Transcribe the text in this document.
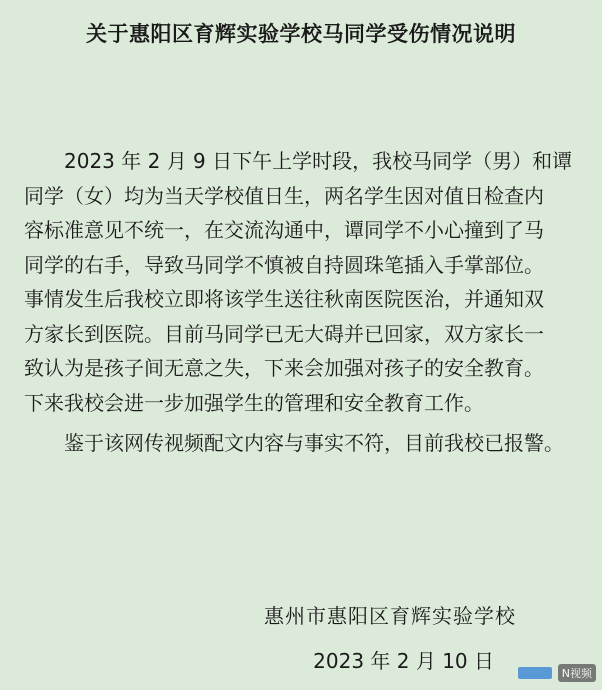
关于惠阳区育辉实验学校马同学受伤情况说明
2023 年 2 月 9 日下午上学时段，我校马同学（男）和谭
同学（女）均为当天学校值日生，两名学生因对值日检查内
容标准意见不统一，在交流沟通中，谭同学不小心撞到了马
同学的右手，导致马同学不慎被自持圆珠笔插入手掌部位。
事情发生后我校立即将该学生送往秋南医院医治，并通知双
方家长到医院。目前马同学已无大碍并已回家，双方家长一
致认为是孩子间无意之失，下来会加强对孩子的安全教育。
下来我校会进一步加强学生的管理和安全教育工作。
鉴于该网传视频配文内容与事实不符，目前我校已报警。
惠州市惠阳区育辉实验学校
2023 年 2 月 10 日
N视频
